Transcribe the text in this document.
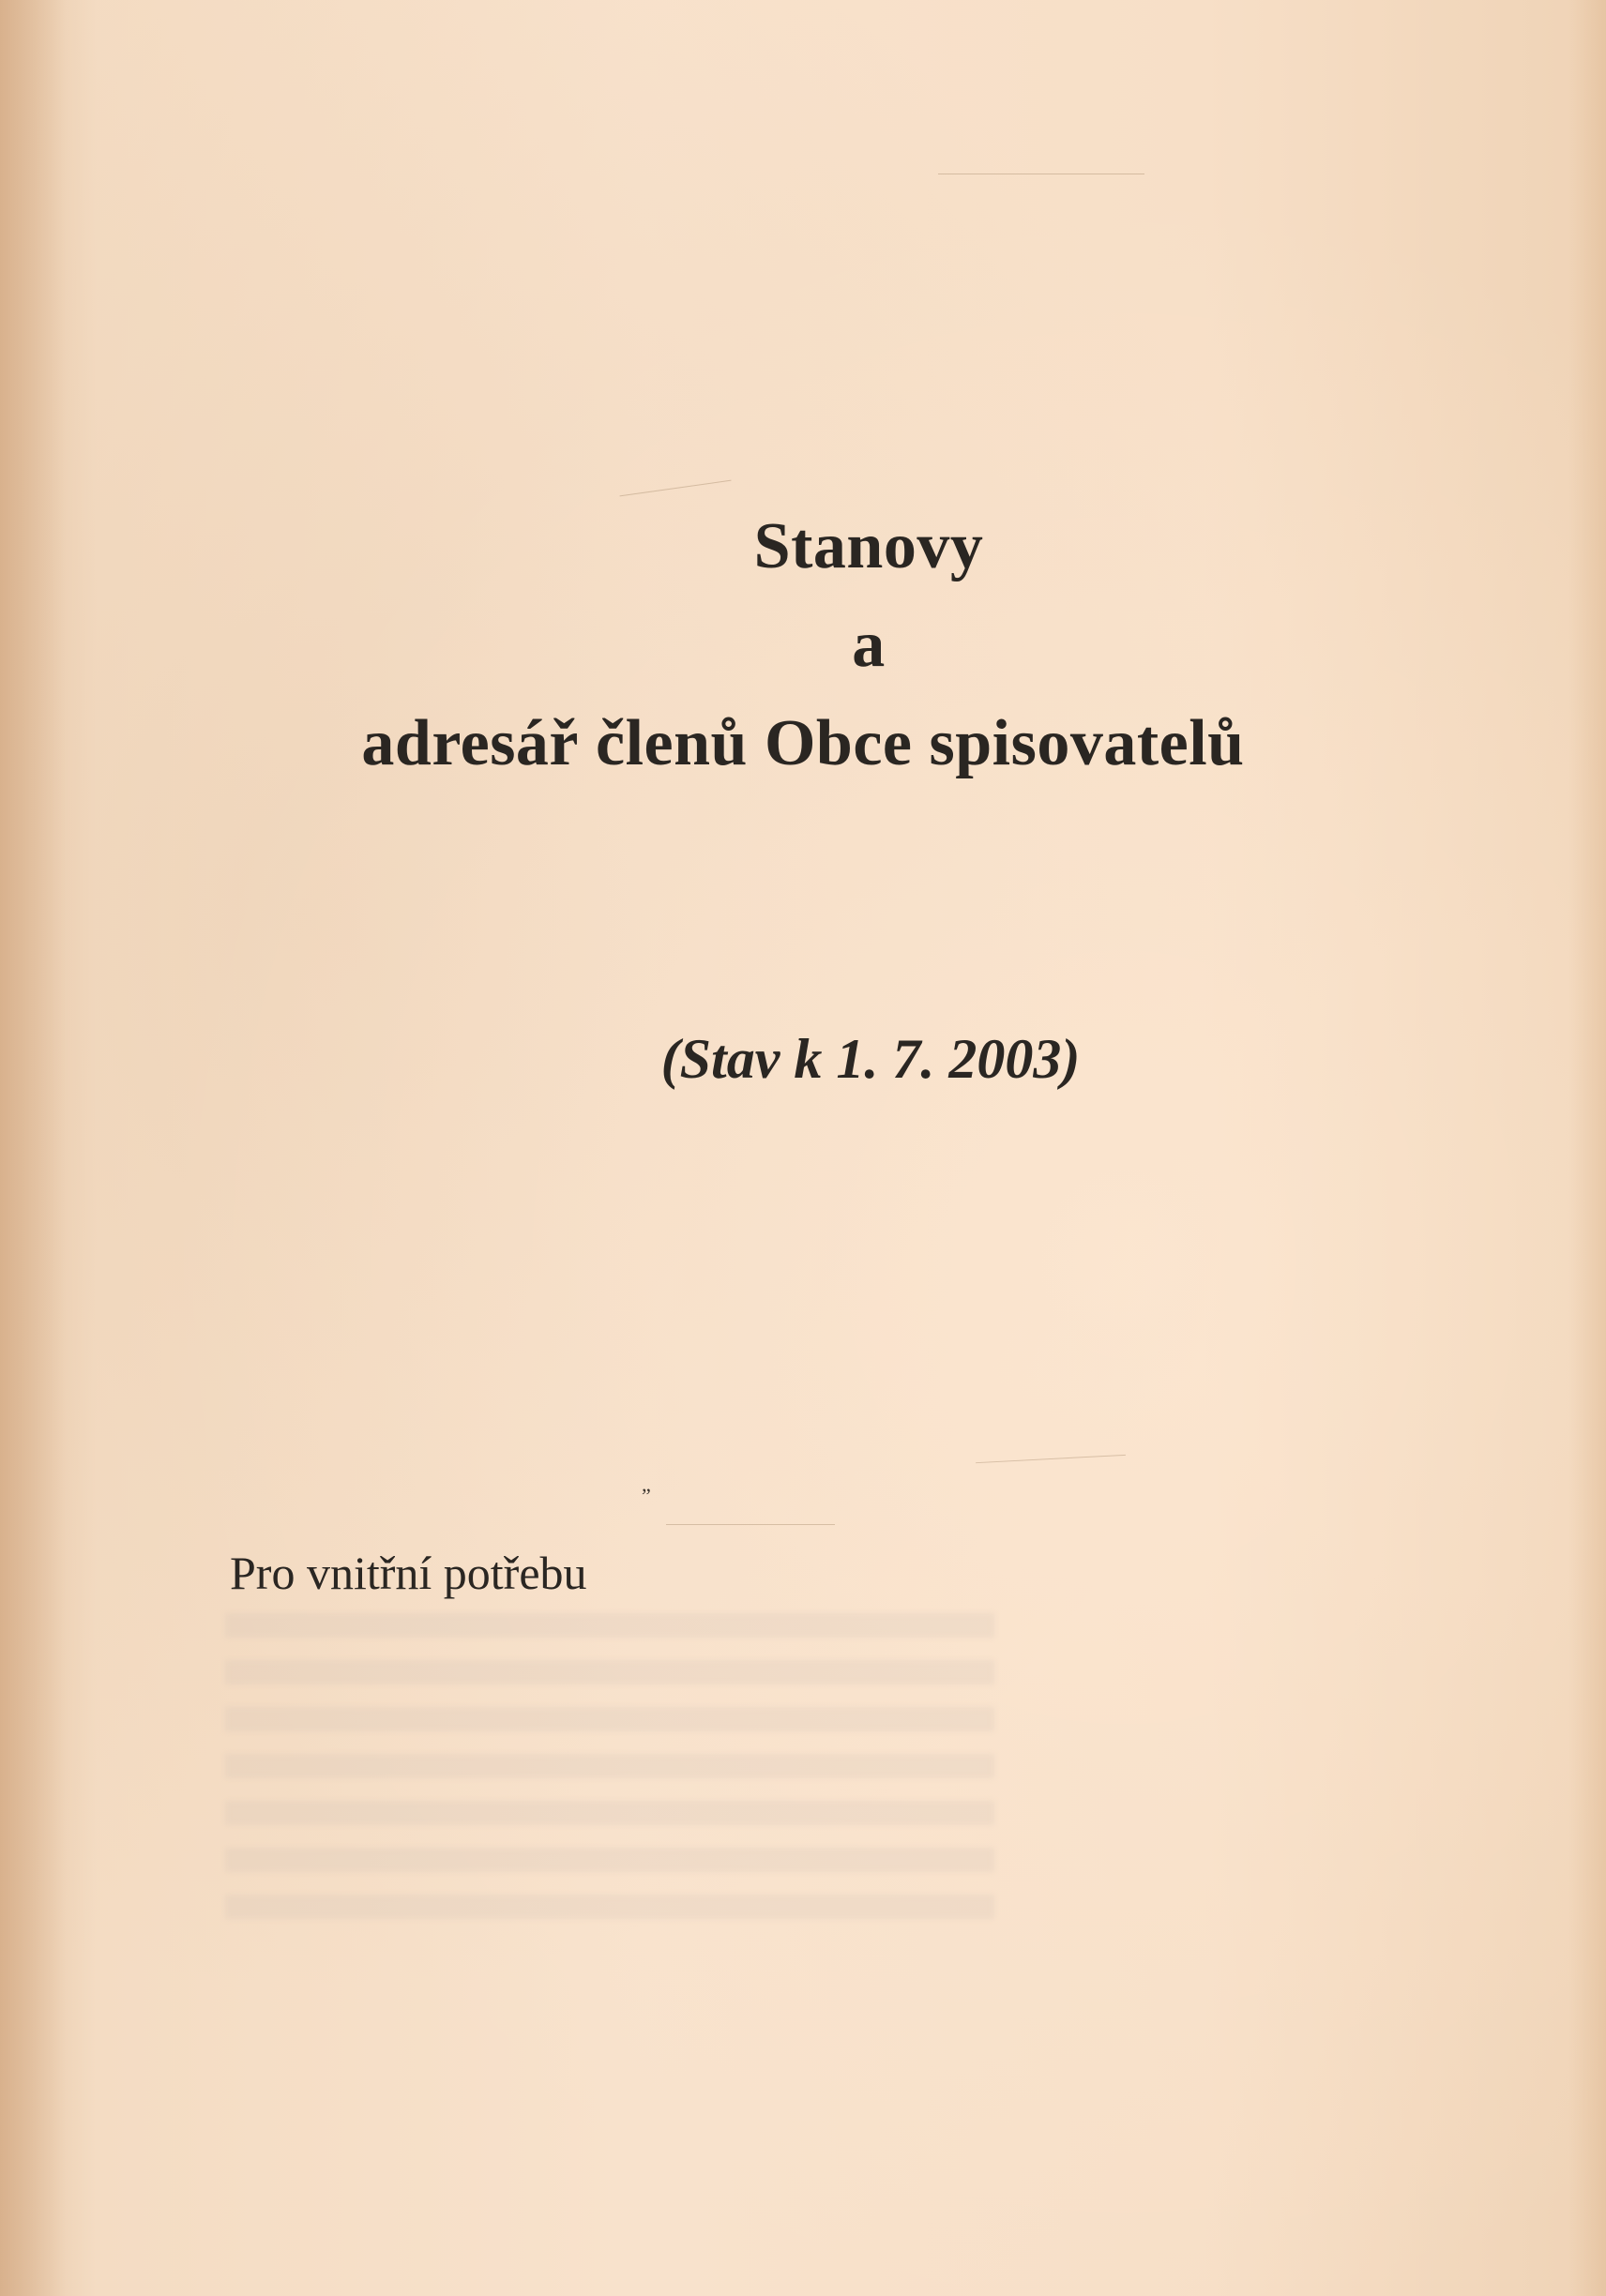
Stanovy
a
adresář členů Obce spisovatelů
(Stav k 1. 7. 2003)
„
Pro vnitřní potřebu
